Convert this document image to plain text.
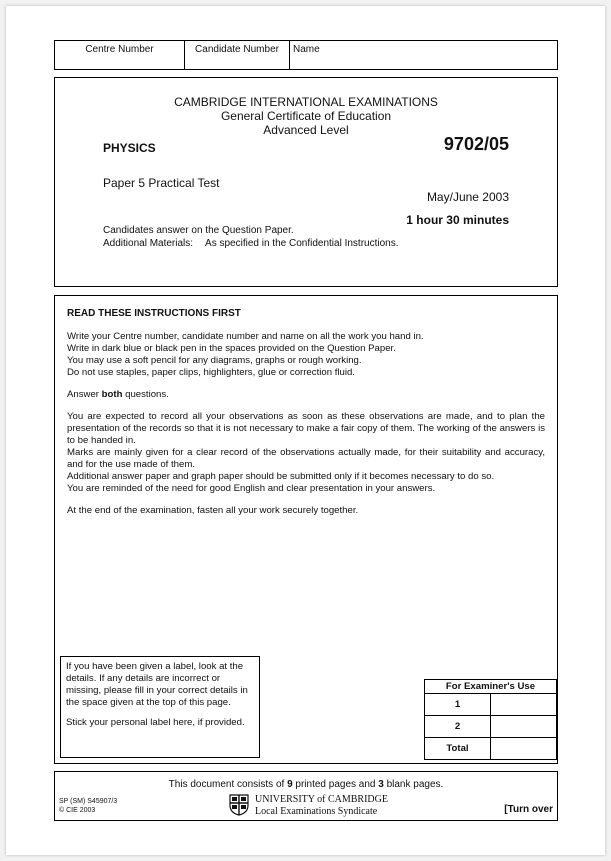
Centre Number	Candidate Number	Name
CAMBRIDGE INTERNATIONAL EXAMINATIONS
General Certificate of Education
Advanced Level
PHYSICS	9702/05
Paper 5 Practical Test
May/June 2003
1 hour 30 minutes
Candidates answer on the Question Paper.
Additional Materials: As specified in the Confidential Instructions.
READ THESE INSTRUCTIONS FIRST

Write your Centre number, candidate number and name on all the work you hand in.

Write in dark blue or black pen in the spaces provided on the Question Paper.

You may use a soft pencil for any diagrams, graphs or rough working.

Do not use staples, paper clips, highlighters, glue or correction fluid.

Answer both questions.

You are expected to record all your observations as soon as these observations are made, and to plan the presentation of the records so that it is not necessary to make a fair copy of them. The working of the answers is to be handed in.

Marks are mainly given for a clear record of the observations actually made, for their suitability and accuracy, and for the use made of them.

Additional answer paper and graph paper should be submitted only if it becomes necessary to do so.

You are reminded of the need for good English and clear presentation in your answers.

At the end of the examination, fasten all your work securely together.

If you have been given a label, look at the details. If any details are incorrect or missing, please fill in your correct details in the space given at the top of this page.

Stick your personal label here, if provided.

For Examiner's Use	
1	
2	
Total	
This document consists of 9 printed pages and 3 blank pages.
SP (SM) S45907/3
© CIE 2003
UNIVERSITY of CAMBRIDGE
Local Examinations Syndicate	[Turn over
